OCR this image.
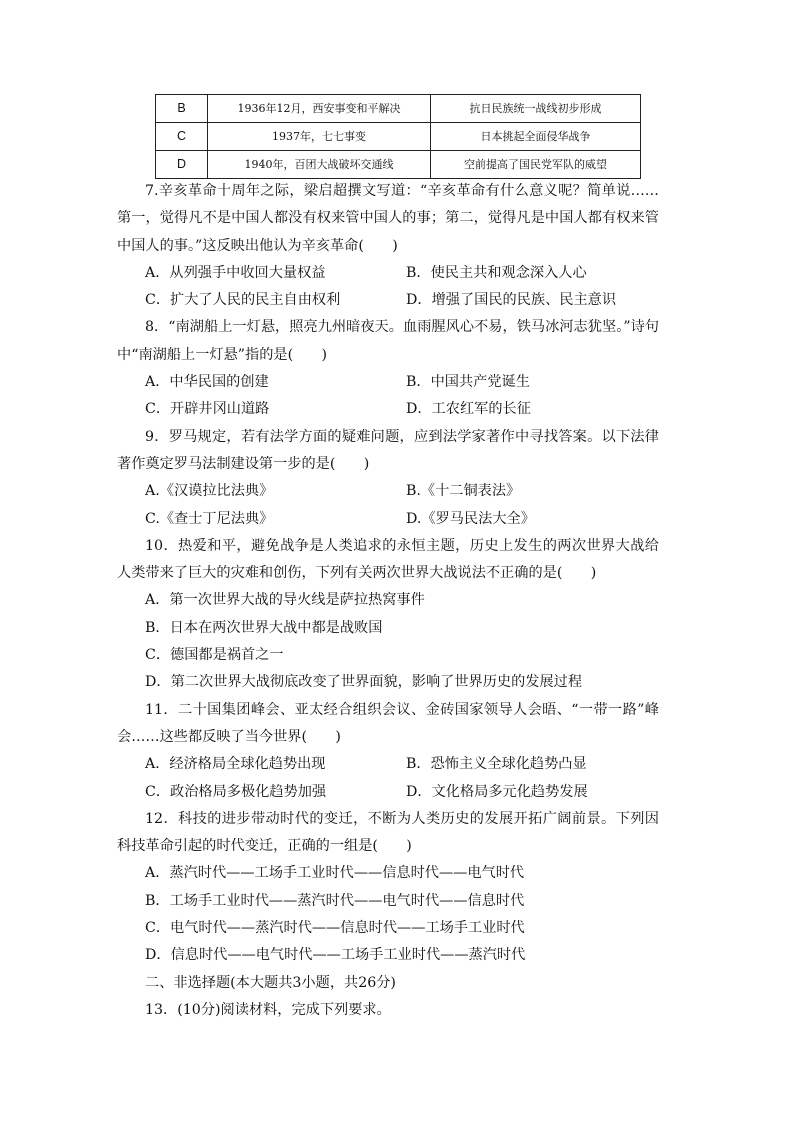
B	1936年12月，西安事变和平解决	抗日民族统一战线初步形成
C	1937年，七七事变	日本挑起全面侵华战争
D	1940年，百团大战破坏交通线	空前提高了国民党军队的威望
7.辛亥革命十周年之际，梁启超撰文写道：“辛亥革命有什么意义呢？简单说……第一，觉得凡不是中国人都没有权来管中国人的事；第二，觉得凡是中国人都有权来管中国人的事。”这反映出他认为辛亥革命(　　)
A．从列强手中收回大量权益	B．使民主共和观念深入人心
C．扩大了人民的民主自由权利	D．增强了国民的民族、民主意识
8．“南湖船上一灯悬，照亮九州暗夜天。血雨腥风心不易，铁马冰河志犹坚。”诗句中“南湖船上一灯悬”指的是(　　)
A．中华民国的创建	B．中国共产党诞生
C．开辟井冈山道路	D．工农红军的长征
9．罗马规定，若有法学方面的疑难问题，应到法学家著作中寻找答案。以下法律著作奠定罗马法制建设第一步的是(　　)
A.《汉谟拉比法典》	B.《十二铜表法》
C.《查士丁尼法典》	D.《罗马民法大全》
10．热爱和平，避免战争是人类追求的永恒主题，历史上发生的两次世界大战给人类带来了巨大的灾难和创伤，下列有关两次世界大战说法不正确的是(　　)
A．第一次世界大战的导火线是萨拉热窝事件
B．日本在两次世界大战中都是战败国
C．德国都是祸首之一
D．第二次世界大战彻底改变了世界面貌，影响了世界历史的发展过程
11．二十国集团峰会、亚太经合组织会议、金砖国家领导人会晤、“一带一路”峰会……这些都反映了当今世界(　　)
A．经济格局全球化趋势出现	B．恐怖主义全球化趋势凸显
C．政治格局多极化趋势加强	D．文化格局多元化趋势发展
12．科技的进步带动时代的变迁，不断为人类历史的发展开拓广阔前景。下列因科技革命引起的时代变迁，正确的一组是(　　)
A．蒸汽时代——工场手工业时代——信息时代——电气时代
B．工场手工业时代——蒸汽时代——电气时代——信息时代
C．电气时代——蒸汽时代——信息时代——工场手工业时代
D．信息时代——电气时代——工场手工业时代——蒸汽时代
二、非选择题(本大题共3小题，共26分)
13．(10分)阅读材料，完成下列要求。
